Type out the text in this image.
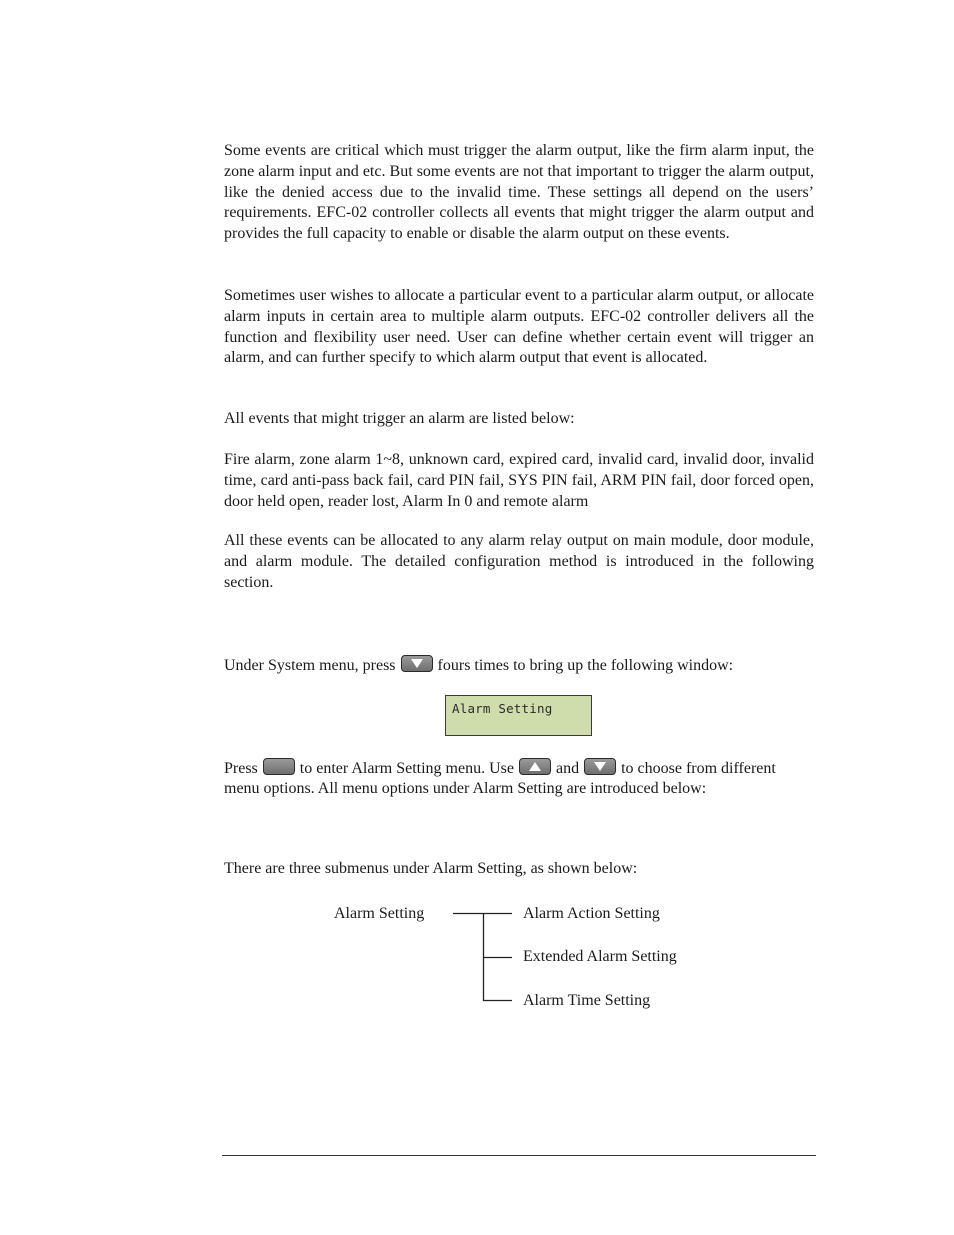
Some events are critical which must trigger the alarm output, like the firm alarm input, the zone alarm input and etc. But some events are not that important to trigger the alarm output, like the denied access due to the invalid time. These settings all depend on the users’ requirements. EFC-02 controller collects all events that might trigger the alarm output and provides the full capacity to enable or disable the alarm output on these events.

Sometimes user wishes to allocate a particular event to a particular alarm output, or allocate alarm inputs in certain area to multiple alarm outputs. EFC-02 controller delivers all the function and flexibility user need. User can define whether certain event will trigger an alarm, and can further specify to which alarm output that event is allocated.

All events that might trigger an alarm are listed below:

Fire alarm, zone alarm 1~8, unknown card, expired card, invalid card, invalid door, invalid time, card anti-pass back fail, card PIN fail, SYS PIN fail, ARM PIN fail, door forced open, door held open, reader lost, Alarm In 0 and remote alarm

All these events can be allocated to any alarm relay output on main module, door module, and alarm module. The detailed configuration method is introduced in the following section.

Under System menu, press	fours times to bring up the following window:

Alarm Setting

Press	to enter Alarm Setting menu. Use	and	to choose from different

menu options. All menu options under Alarm Setting are introduced below:

There are three submenus under Alarm Setting, as shown below:

Alarm Setting	Alarm Action Setting
Extended Alarm Setting
Alarm Time Setting
